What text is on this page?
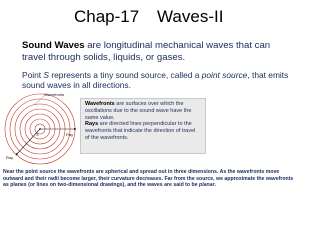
Chap-17 Waves-II
Sound Waves are longitudinal mechanical waves that can travel through solids, liquids, or gases.
Point S represents a tiny sound source, called a point source, that emits sound waves in all directions.
Wavefronts
Ray
Ray
S
Wavefronts are surfaces over which the oscillations due to the sound wave have the same value.
Rays are directed lines perpendicular to the wavefronts that indicate the direction of travel of the wavefronts.
Near the point source the wavefronts are spherical and spread out in three dimensions. As the wavefronts move outward and their radii become larger, their curvature decreases. Far from the source, we approximate the wavefronts as planes (or lines on two-dimensional drawings), and the waves are said to be planar.
